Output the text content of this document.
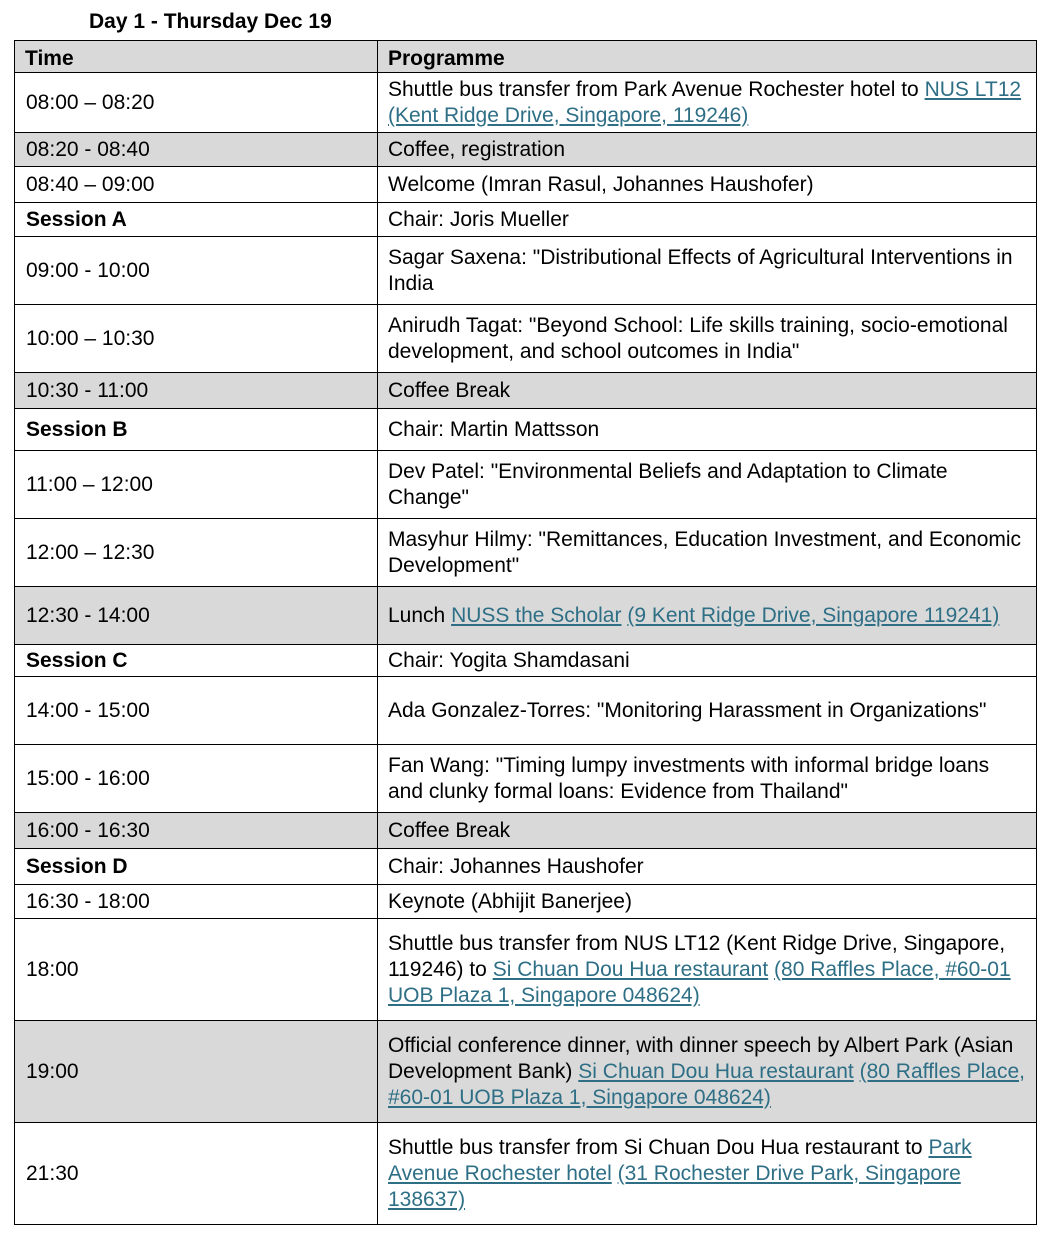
Day 1 - Thursday Dec 19
Time	Programme
08:00 – 08:20	Shuttle bus transfer from Park Avenue Rochester hotel to NUS LT12 (Kent Ridge Drive, Singapore, 119246)
08:20 - 08:40	Coffee, registration
08:40 – 09:00	Welcome (Imran Rasul, Johannes Haushofer)
Session A	Chair: Joris Mueller
09:00 - 10:00	Sagar Saxena: "Distributional Effects of Agricultural Interventions in India
10:00 – 10:30	Anirudh Tagat: "Beyond School: Life skills training, socio-emotional development, and school outcomes in India"
10:30 - 11:00	Coffee Break
Session B	Chair: Martin Mattsson
11:00 – 12:00	Dev Patel: "Environmental Beliefs and Adaptation to Climate Change"
12:00 – 12:30	Masyhur Hilmy: "Remittances, Education Investment, and Economic Development"
12:30 - 14:00	Lunch NUSS the Scholar (9 Kent Ridge Drive, Singapore 119241)
Session C	Chair: Yogita Shamdasani
14:00 - 15:00	Ada Gonzalez-Torres: "Monitoring Harassment in Organizations"
15:00 - 16:00	Fan Wang: "Timing lumpy investments with informal bridge loans and clunky formal loans: Evidence from Thailand"
16:00 - 16:30	Coffee Break
Session D	Chair: Johannes Haushofer
16:30 - 18:00	Keynote (Abhijit Banerjee)
18:00	Shuttle bus transfer from NUS LT12 (Kent Ridge Drive, Singapore, 119246) to Si Chuan Dou Hua restaurant (80 Raffles Place, #60-01 UOB Plaza 1, Singapore 048624)
19:00	Official conference dinner, with dinner speech by Albert Park (Asian Development Bank) Si Chuan Dou Hua restaurant (80 Raffles Place, #60-01 UOB Plaza 1, Singapore 048624)
21:30	Shuttle bus transfer from Si Chuan Dou Hua restaurant to Park Avenue Rochester hotel (31 Rochester Drive Park, Singapore 138637)
